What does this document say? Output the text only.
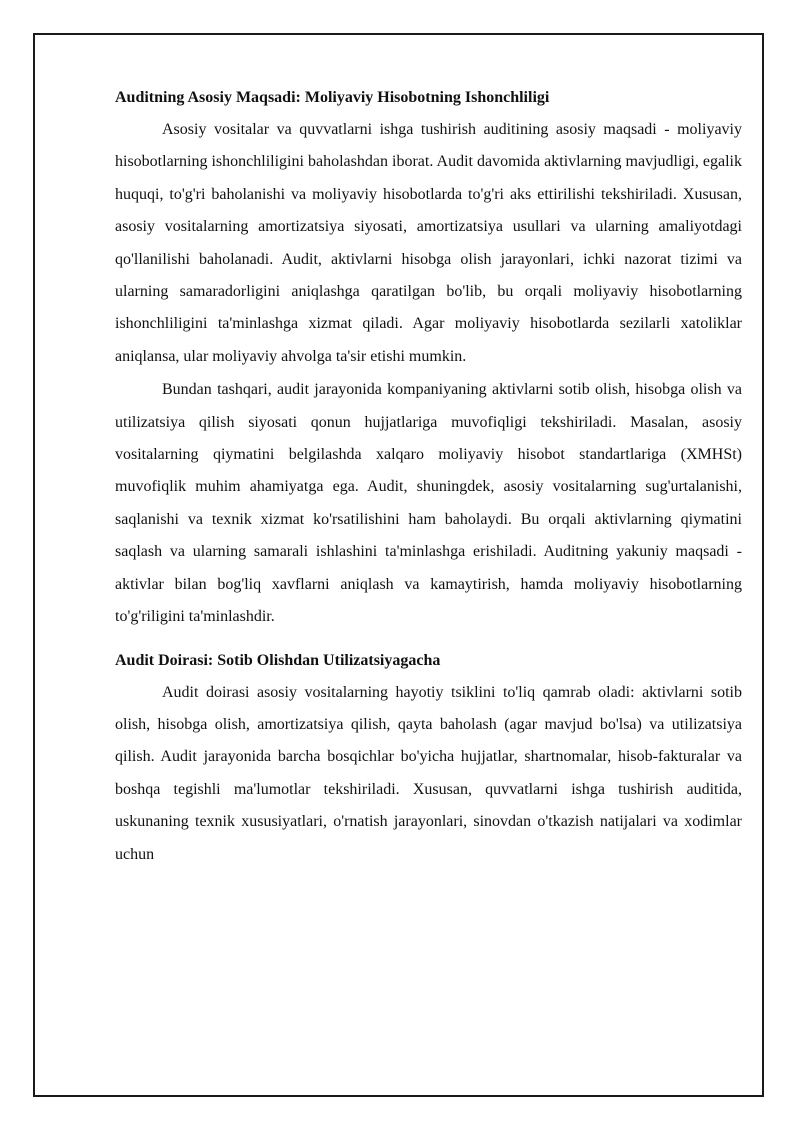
Auditning Asosiy Maqsadi: Moliyaviy Hisobotning Ishonchliligi

Asosiy vositalar va quvvatlarni ishga tushirish auditining asosiy maqsadi - moliyaviy hisobotlarning ishonchliligini baholashdan iborat. Audit davomida aktivlarning mavjudligi, egalik huquqi, to'g'ri baholanishi va moliyaviy hisobotlarda to'g'ri aks ettirilishi tekshiriladi. Xususan, asosiy vositalarning amortizatsiya siyosati, amortizatsiya usullari va ularning amaliyotdagi qo'llanilishi baholanadi. Audit, aktivlarni hisobga olish jarayonlari, ichki nazorat tizimi va ularning samaradorligini aniqlashga qaratilgan bo'lib, bu orqali moliyaviy hisobotlarning ishonchliligini ta'minlashga xizmat qiladi. Agar moliyaviy hisobotlarda sezilarli xatoliklar aniqlansa, ular moliyaviy ahvolga ta'sir etishi mumkin.

Bundan tashqari, audit jarayonida kompaniyaning aktivlarni sotib olish, hisobga olish va utilizatsiya qilish siyosati qonun hujjatlariga muvofiqligi tekshiriladi. Masalan, asosiy vositalarning qiymatini belgilashda xalqaro moliyaviy hisobot standartlariga (XMHSt) muvofiqlik muhim ahamiyatga ega. Audit, shuningdek, asosiy vositalarning sug'urtalanishi, saqlanishi va texnik xizmat ko'rsatilishini ham baholaydi. Bu orqali aktivlarning qiymatini saqlash va ularning samarali ishlashini ta'minlashga erishiladi. Auditning yakuniy maqsadi - aktivlar bilan bog'liq xavflarni aniqlash va kamaytirish, hamda moliyaviy hisobotlarning to'g'riligini ta'minlashdir.

Audit Doirasi: Sotib Olishdan Utilizatsiyagacha

Audit doirasi asosiy vositalarning hayotiy tsiklini to'liq qamrab oladi: aktivlarni sotib olish, hisobga olish, amortizatsiya qilish, qayta baholash (agar mavjud bo'lsa) va utilizatsiya qilish. Audit jarayonida barcha bosqichlar bo'yicha hujjatlar, shartnomalar, hisob-fakturalar va boshqa tegishli ma'lumotlar tekshiriladi. Xususan, quvvatlarni ishga tushirish auditida, uskunaning texnik xususiyatlari, o'rnatish jarayonlari, sinovdan o'tkazish natijalari va xodimlar uchun
